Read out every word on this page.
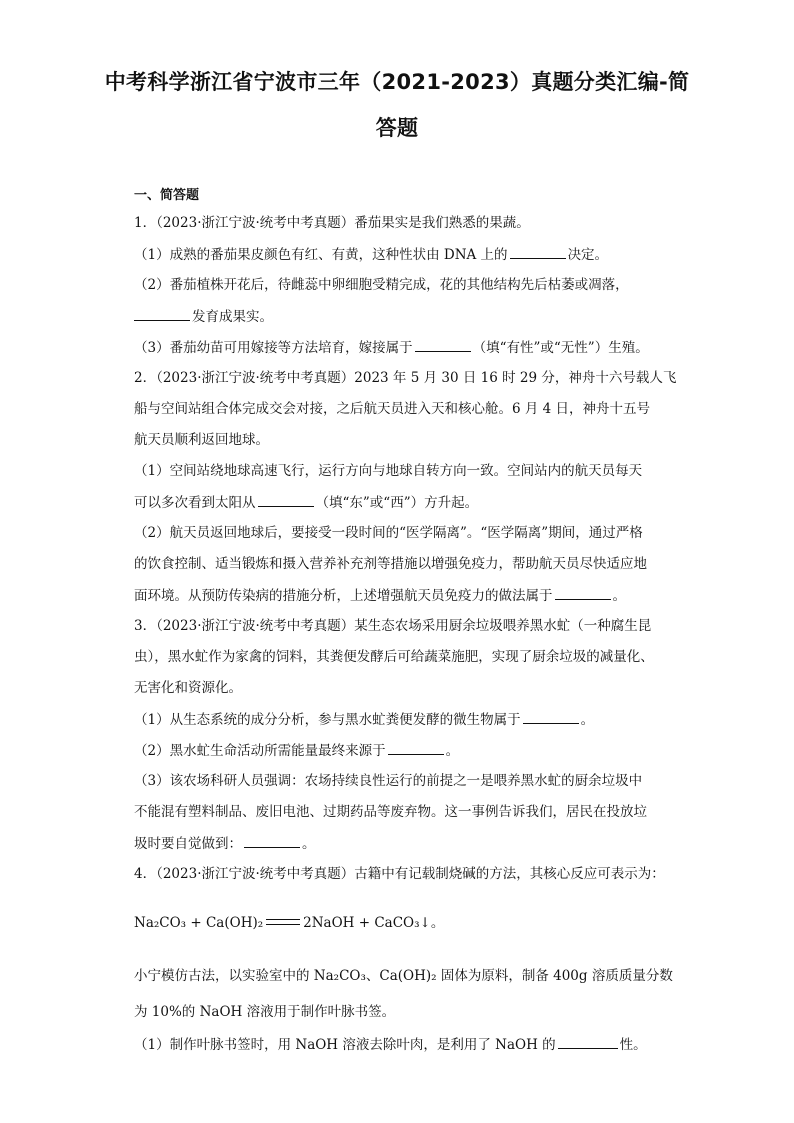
中考科学浙江省宁波市三年（2021-2023）真题分类汇编-简
答题
一、简答题
1．（2023·浙江宁波·统考中考真题）番茄果实是我们熟悉的果蔬。
（1）成熟的番茄果皮颜色有红、有黄，这种性状由 DNA 上的	决定。
（2）番茄植株开花后，待雌蕊中卵细胞受精完成，花的其他结构先后枯萎或凋落，
发育成果实。
（3）番茄幼苗可用嫁接等方法培育，嫁接属于	（填“有性”或“无性”）生殖。
2．（2023·浙江宁波·统考中考真题）2023 年 5 月 30 日 16 时 29 分，神舟十六号载人飞
船与空间站组合体完成交会对接，之后航天员进入天和核心舱。6 月 4 日，神舟十五号
航天员顺利返回地球。
（1）空间站绕地球高速飞行，运行方向与地球自转方向一致。空间站内的航天员每天
可以多次看到太阳从	（填“东”或“西”）方升起。
（2）航天员返回地球后，要接受一段时间的“医学隔离”。“医学隔离”期间，通过严格
的饮食控制、适当锻炼和摄入营养补充剂等措施以增强免疫力，帮助航天员尽快适应地
面环境。从预防传染病的措施分析，上述增强航天员免疫力的做法属于	。
3．（2023·浙江宁波·统考中考真题）某生态农场采用厨余垃圾喂养黑水虻（一种腐生昆
虫），黑水虻作为家禽的饲料，其粪便发酵后可给蔬菜施肥，实现了厨余垃圾的减量化、
无害化和资源化。
（1）从生态系统的成分分析，参与黑水虻粪便发酵的微生物属于	。
（2）黑水虻生命活动所需能量最终来源于	。
（3）该农场科研人员强调：农场持续良性运行的前提之一是喂养黑水虻的厨余垃圾中
不能混有塑料制品、废旧电池、过期药品等废弃物。这一事例告诉我们，居民在投放垃
圾时要自觉做到：	。
4．（2023·浙江宁波·统考中考真题）古籍中有记载制烧碱的方法，其核心反应可表示为：
Na₂CO₃ + Ca(OH)₂	2NaOH + CaCO₃↓。
小宁模仿古法，以实验室中的 Na₂CO₃、Ca(OH)₂ 固体为原料，制备 400g 溶质质量分数
为 10%的 NaOH 溶液用于制作叶脉书签。
（1）制作叶脉书签时，用 NaOH 溶液去除叶肉，是利用了 NaOH 的	性。
